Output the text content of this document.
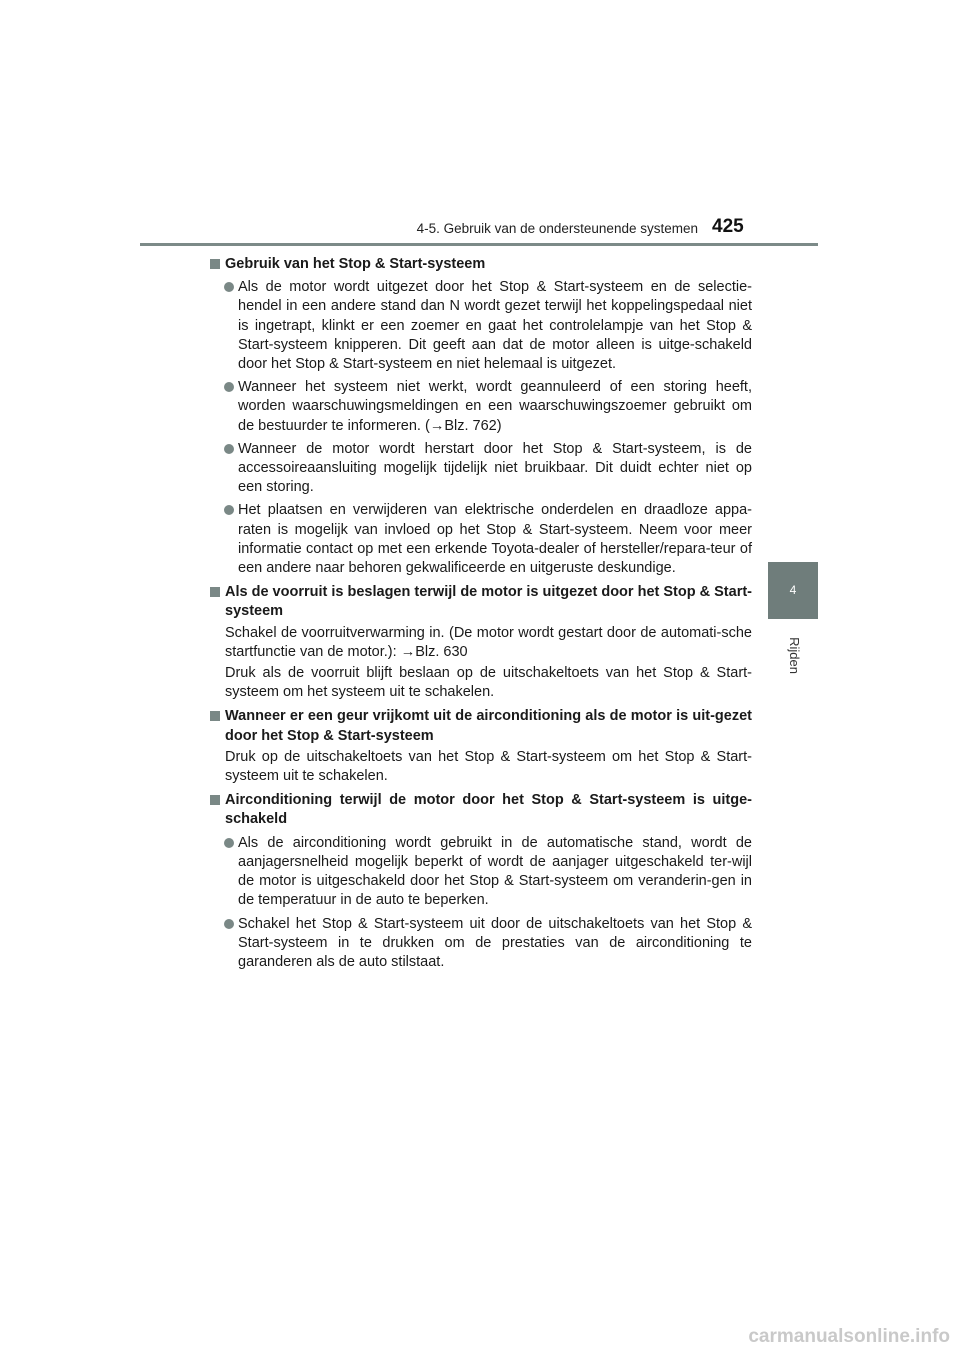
4-5. Gebruik van de ondersteunende systemen 425
4
Rijden
Gebruik van het Stop & Start-systeem
Als de motor wordt uitgezet door het Stop & Start-systeem en de selectie-hendel in een andere stand dan N wordt gezet terwijl het koppelingspedaal niet is ingetrapt, klinkt er een zoemer en gaat het controlelampje van het Stop & Start-systeem knipperen. Dit geeft aan dat de motor alleen is uitge-schakeld door het Stop & Start-systeem en niet helemaal is uitgezet.
Wanneer het systeem niet werkt, wordt geannuleerd of een storing heeft, worden waarschuwingsmeldingen en een waarschuwingszoemer gebruikt om de bestuurder te informeren. (→Blz. 762)
Wanneer de motor wordt herstart door het Stop & Start-systeem, is de accessoireaansluiting mogelijk tijdelijk niet bruikbaar. Dit duidt echter niet op een storing.
Het plaatsen en verwijderen van elektrische onderdelen en draadloze appa-raten is mogelijk van invloed op het Stop & Start-systeem. Neem voor meer informatie contact op met een erkende Toyota-dealer of hersteller/repara-teur of een andere naar behoren gekwalificeerde en uitgeruste deskundige.
Als de voorruit is beslagen terwijl de motor is uitgezet door het Stop & Start-systeem
Schakel de voorruitverwarming in. (De motor wordt gestart door de automati-sche startfunctie van de motor.): →Blz. 630
Druk als de voorruit blijft beslaan op de uitschakeltoets van het Stop & Start-systeem om het systeem uit te schakelen.
Wanneer er een geur vrijkomt uit de airconditioning als de motor is uit-gezet door het Stop & Start-systeem
Druk op de uitschakeltoets van het Stop & Start-systeem om het Stop & Start-systeem uit te schakelen.
Airconditioning terwijl de motor door het Stop & Start-systeem is uitge-schakeld
Als de airconditioning wordt gebruikt in de automatische stand, wordt de aanjagersnelheid mogelijk beperkt of wordt de aanjager uitgeschakeld ter-wijl de motor is uitgeschakeld door het Stop & Start-systeem om veranderin-gen in de temperatuur in de auto te beperken.
Schakel het Stop & Start-systeem uit door de uitschakeltoets van het Stop & Start-systeem in te drukken om de prestaties van de airconditioning te garanderen als de auto stilstaat.
carmanualsonline.info
